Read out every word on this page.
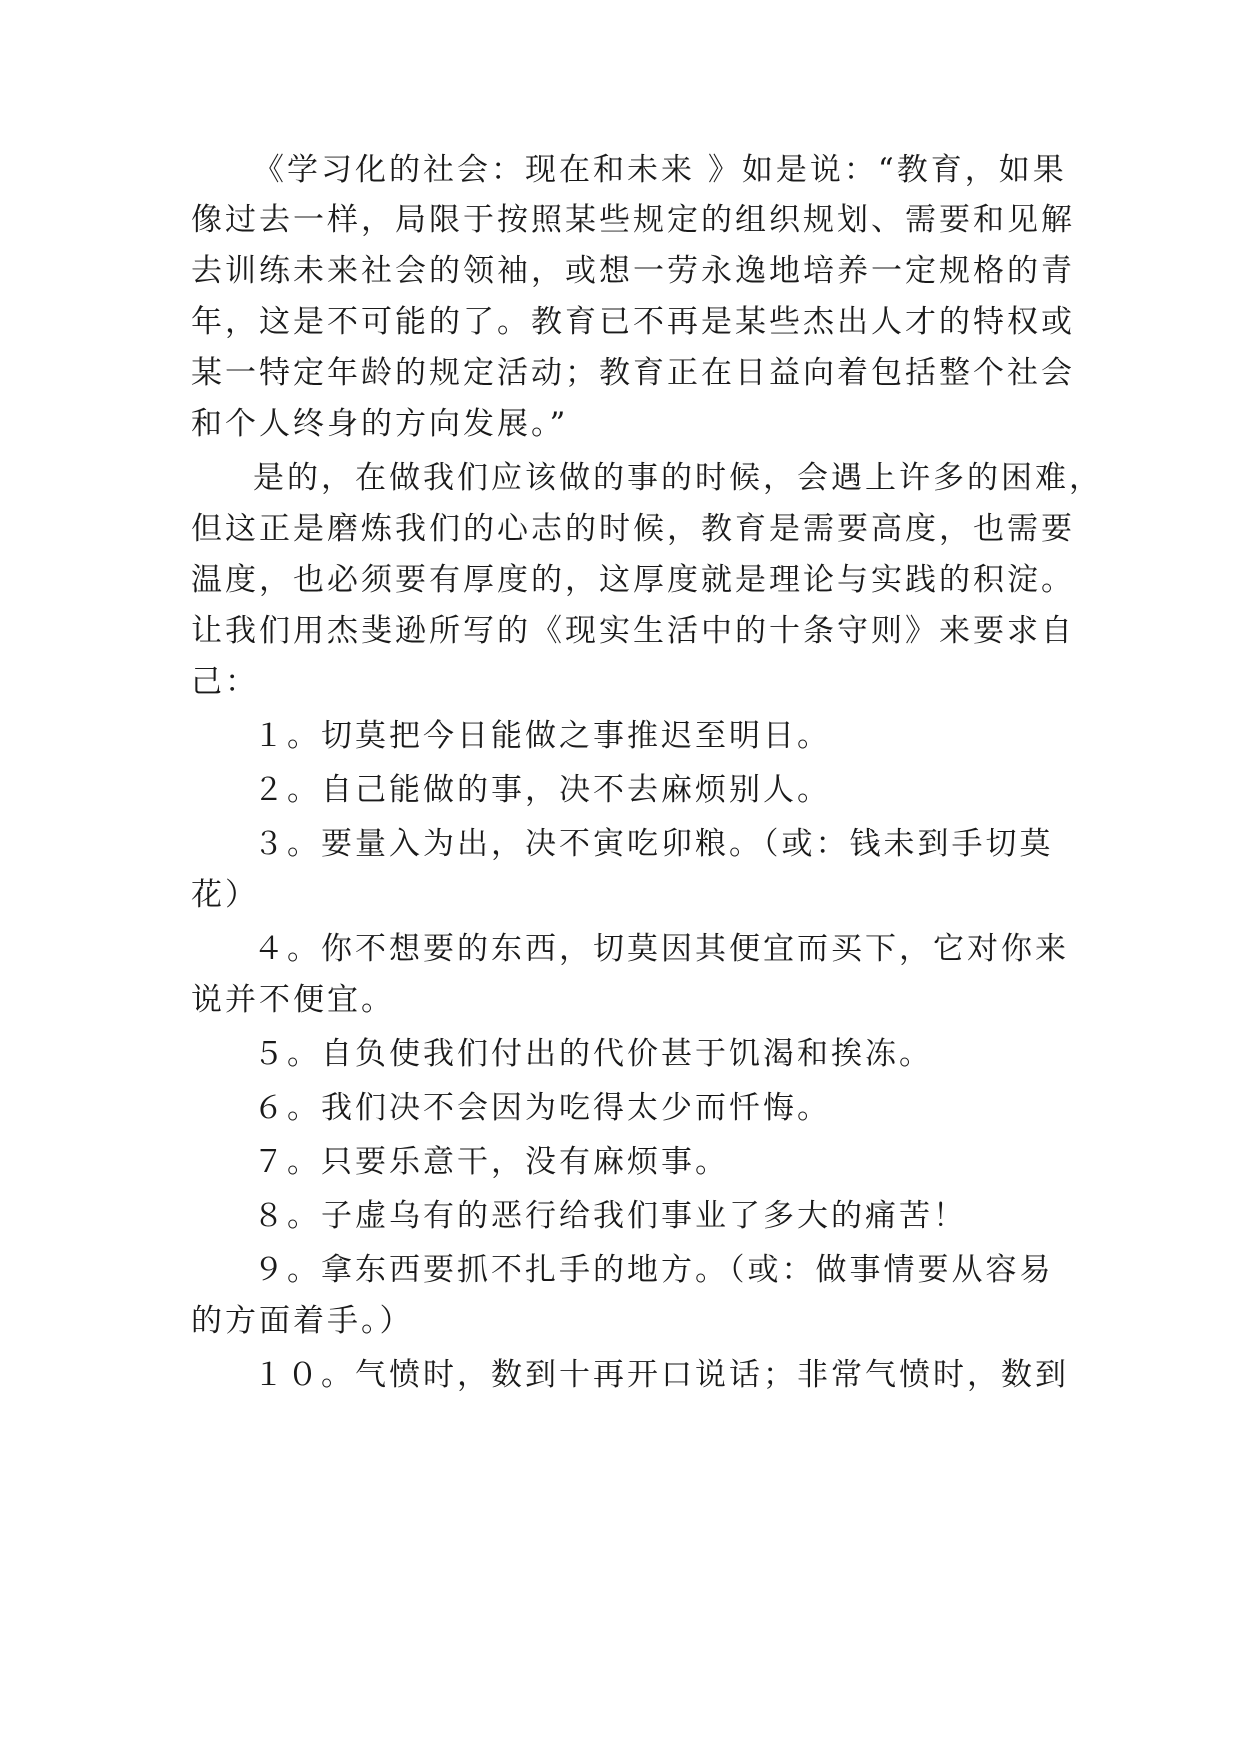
《学习化的社会：现在和未来 》如是说：“教育，如果
像过去一样，局限于按照某些规定的组织规划、需要和见解
去训练未来社会的领袖，或想一劳永逸地培养一定规格的青
年，这是不可能的了。教育已不再是某些杰出人才的特权或
某一特定年龄的规定活动；教育正在日益向着包括整个社会
和个人终身的方向发展。”
是的，在做我们应该做的事的时候，会遇上许多的困难，
但这正是磨炼我们的心志的时候，教育是需要高度，也需要
温度，也必须要有厚度的，这厚度就是理论与实践的积淀。
让我们用杰斐逊所写的《现实生活中的十条守则》来要求自
己：
１。切莫把今日能做之事推迟至明日。
２。自己能做的事，决不去麻烦别人。
３。要量入为出，决不寅吃卯粮。（或：钱未到手切莫
花）
４。你不想要的东西，切莫因其便宜而买下，它对你来
说并不便宜。
５。自负使我们付出的代价甚于饥渴和挨冻。
６。我们决不会因为吃得太少而忏悔。
７。只要乐意干，没有麻烦事。
８。子虚乌有的恶行给我们事业了多大的痛苦！
９。拿东西要抓不扎手的地方。（或：做事情要从容易
的方面着手。）
１０。气愤时，数到十再开口说话；非常气愤时，数到
